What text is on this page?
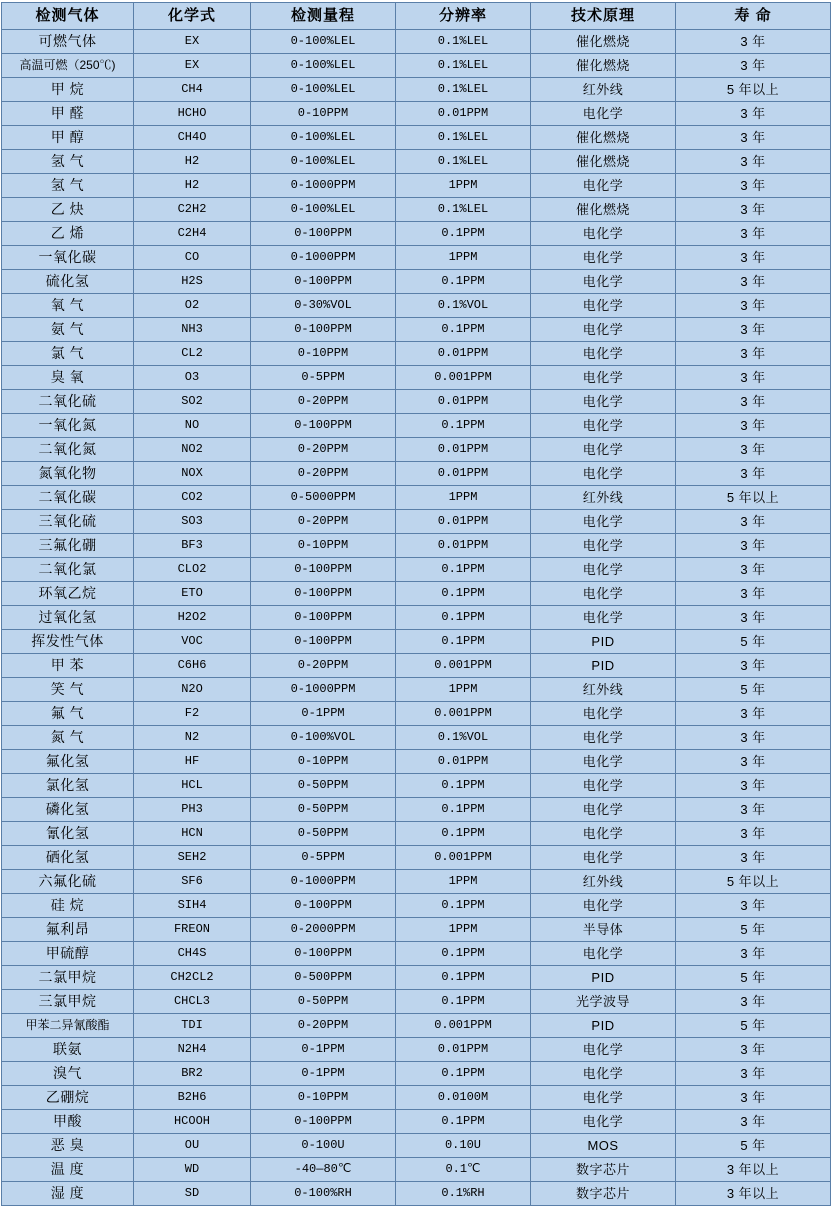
检测气体	化学式	检测量程	分辨率	技术原理	寿 命
可燃气体	EX	0-100%LEL	0.1%LEL	催化燃烧	3 年
高温可燃（250℃)	EX	0-100%LEL	0.1%LEL	催化燃烧	3 年
甲 烷	CH4	0-100%LEL	0.1%LEL	红外线	5 年以上
甲 醛	HCHO	0-10PPM	0.01PPM	电化学	3 年
甲 醇	CH4O	0-100%LEL	0.1%LEL	催化燃烧	3 年
氢 气	H2	0-100%LEL	0.1%LEL	催化燃烧	3 年
氢 气	H2	0-1000PPM	1PPM	电化学	3 年
乙 炔	C2H2	0-100%LEL	0.1%LEL	催化燃烧	3 年
乙 烯	C2H4	0-100PPM	0.1PPM	电化学	3 年
一氧化碳	CO	0-1000PPM	1PPM	电化学	3 年
硫化氢	H2S	0-100PPM	0.1PPM	电化学	3 年
氧 气	O2	0-30%VOL	0.1%VOL	电化学	3 年
氨 气	NH3	0-100PPM	0.1PPM	电化学	3 年
氯 气	CL2	0-10PPM	0.01PPM	电化学	3 年
臭 氧	O3	0-5PPM	0.001PPM	电化学	3 年
二氧化硫	SO2	0-20PPM	0.01PPM	电化学	3 年
一氧化氮	NO	0-100PPM	0.1PPM	电化学	3 年
二氧化氮	NO2	0-20PPM	0.01PPM	电化学	3 年
氮氧化物	NOX	0-20PPM	0.01PPM	电化学	3 年
二氧化碳	CO2	0-5000PPM	1PPM	红外线	5 年以上
三氧化硫	SO3	0-20PPM	0.01PPM	电化学	3 年
三氟化硼	BF3	0-10PPM	0.01PPM	电化学	3 年
二氧化氯	CLO2	0-100PPM	0.1PPM	电化学	3 年
环氧乙烷	ETO	0-100PPM	0.1PPM	电化学	3 年
过氧化氢	H2O2	0-100PPM	0.1PPM	电化学	3 年
挥发性气体	VOC	0-100PPM	0.1PPM	PID	5 年
甲 苯	C6H6	0-20PPM	0.001PPM	PID	3 年
笑 气	N2O	0-1000PPM	1PPM	红外线	5 年
氟 气	F2	0-1PPM	0.001PPM	电化学	3 年
氮 气	N2	0-100%VOL	0.1%VOL	电化学	3 年
氟化氢	HF	0-10PPM	0.01PPM	电化学	3 年
氯化氢	HCL	0-50PPM	0.1PPM	电化学	3 年
磷化氢	PH3	0-50PPM	0.1PPM	电化学	3 年
氰化氢	HCN	0-50PPM	0.1PPM	电化学	3 年
硒化氢	SEH2	0-5PPM	0.001PPM	电化学	3 年
六氟化硫	SF6	0-1000PPM	1PPM	红外线	5 年以上
硅 烷	SIH4	0-100PPM	0.1PPM	电化学	3 年
氟利昂	FREON	0-2000PPM	1PPM	半导体	5 年
甲硫醇	CH4S	0-100PPM	0.1PPM	电化学	3 年
二氯甲烷	CH2CL2	0-500PPM	0.1PPM	PID	5 年
三氯甲烷	CHCL3	0-50PPM	0.1PPM	光学波导	3 年
甲苯二异氰酸酯	TDI	0-20PPM	0.001PPM	PID	5 年
联氨	N2H4	0-1PPM	0.01PPM	电化学	3 年
溴气	BR2	0-1PPM	0.1PPM	电化学	3 年
乙硼烷	B2H6	0-10PPM	0.0100M	电化学	3 年
甲酸	HCOOH	0-100PPM	0.1PPM	电化学	3 年
恶 臭	OU	0-100U	0.10U	MOS	5 年
温 度	WD	-40—80℃	0.1℃	数字芯片	3 年以上
湿 度	SD	0-100%RH	0.1%RH	数字芯片	3 年以上
